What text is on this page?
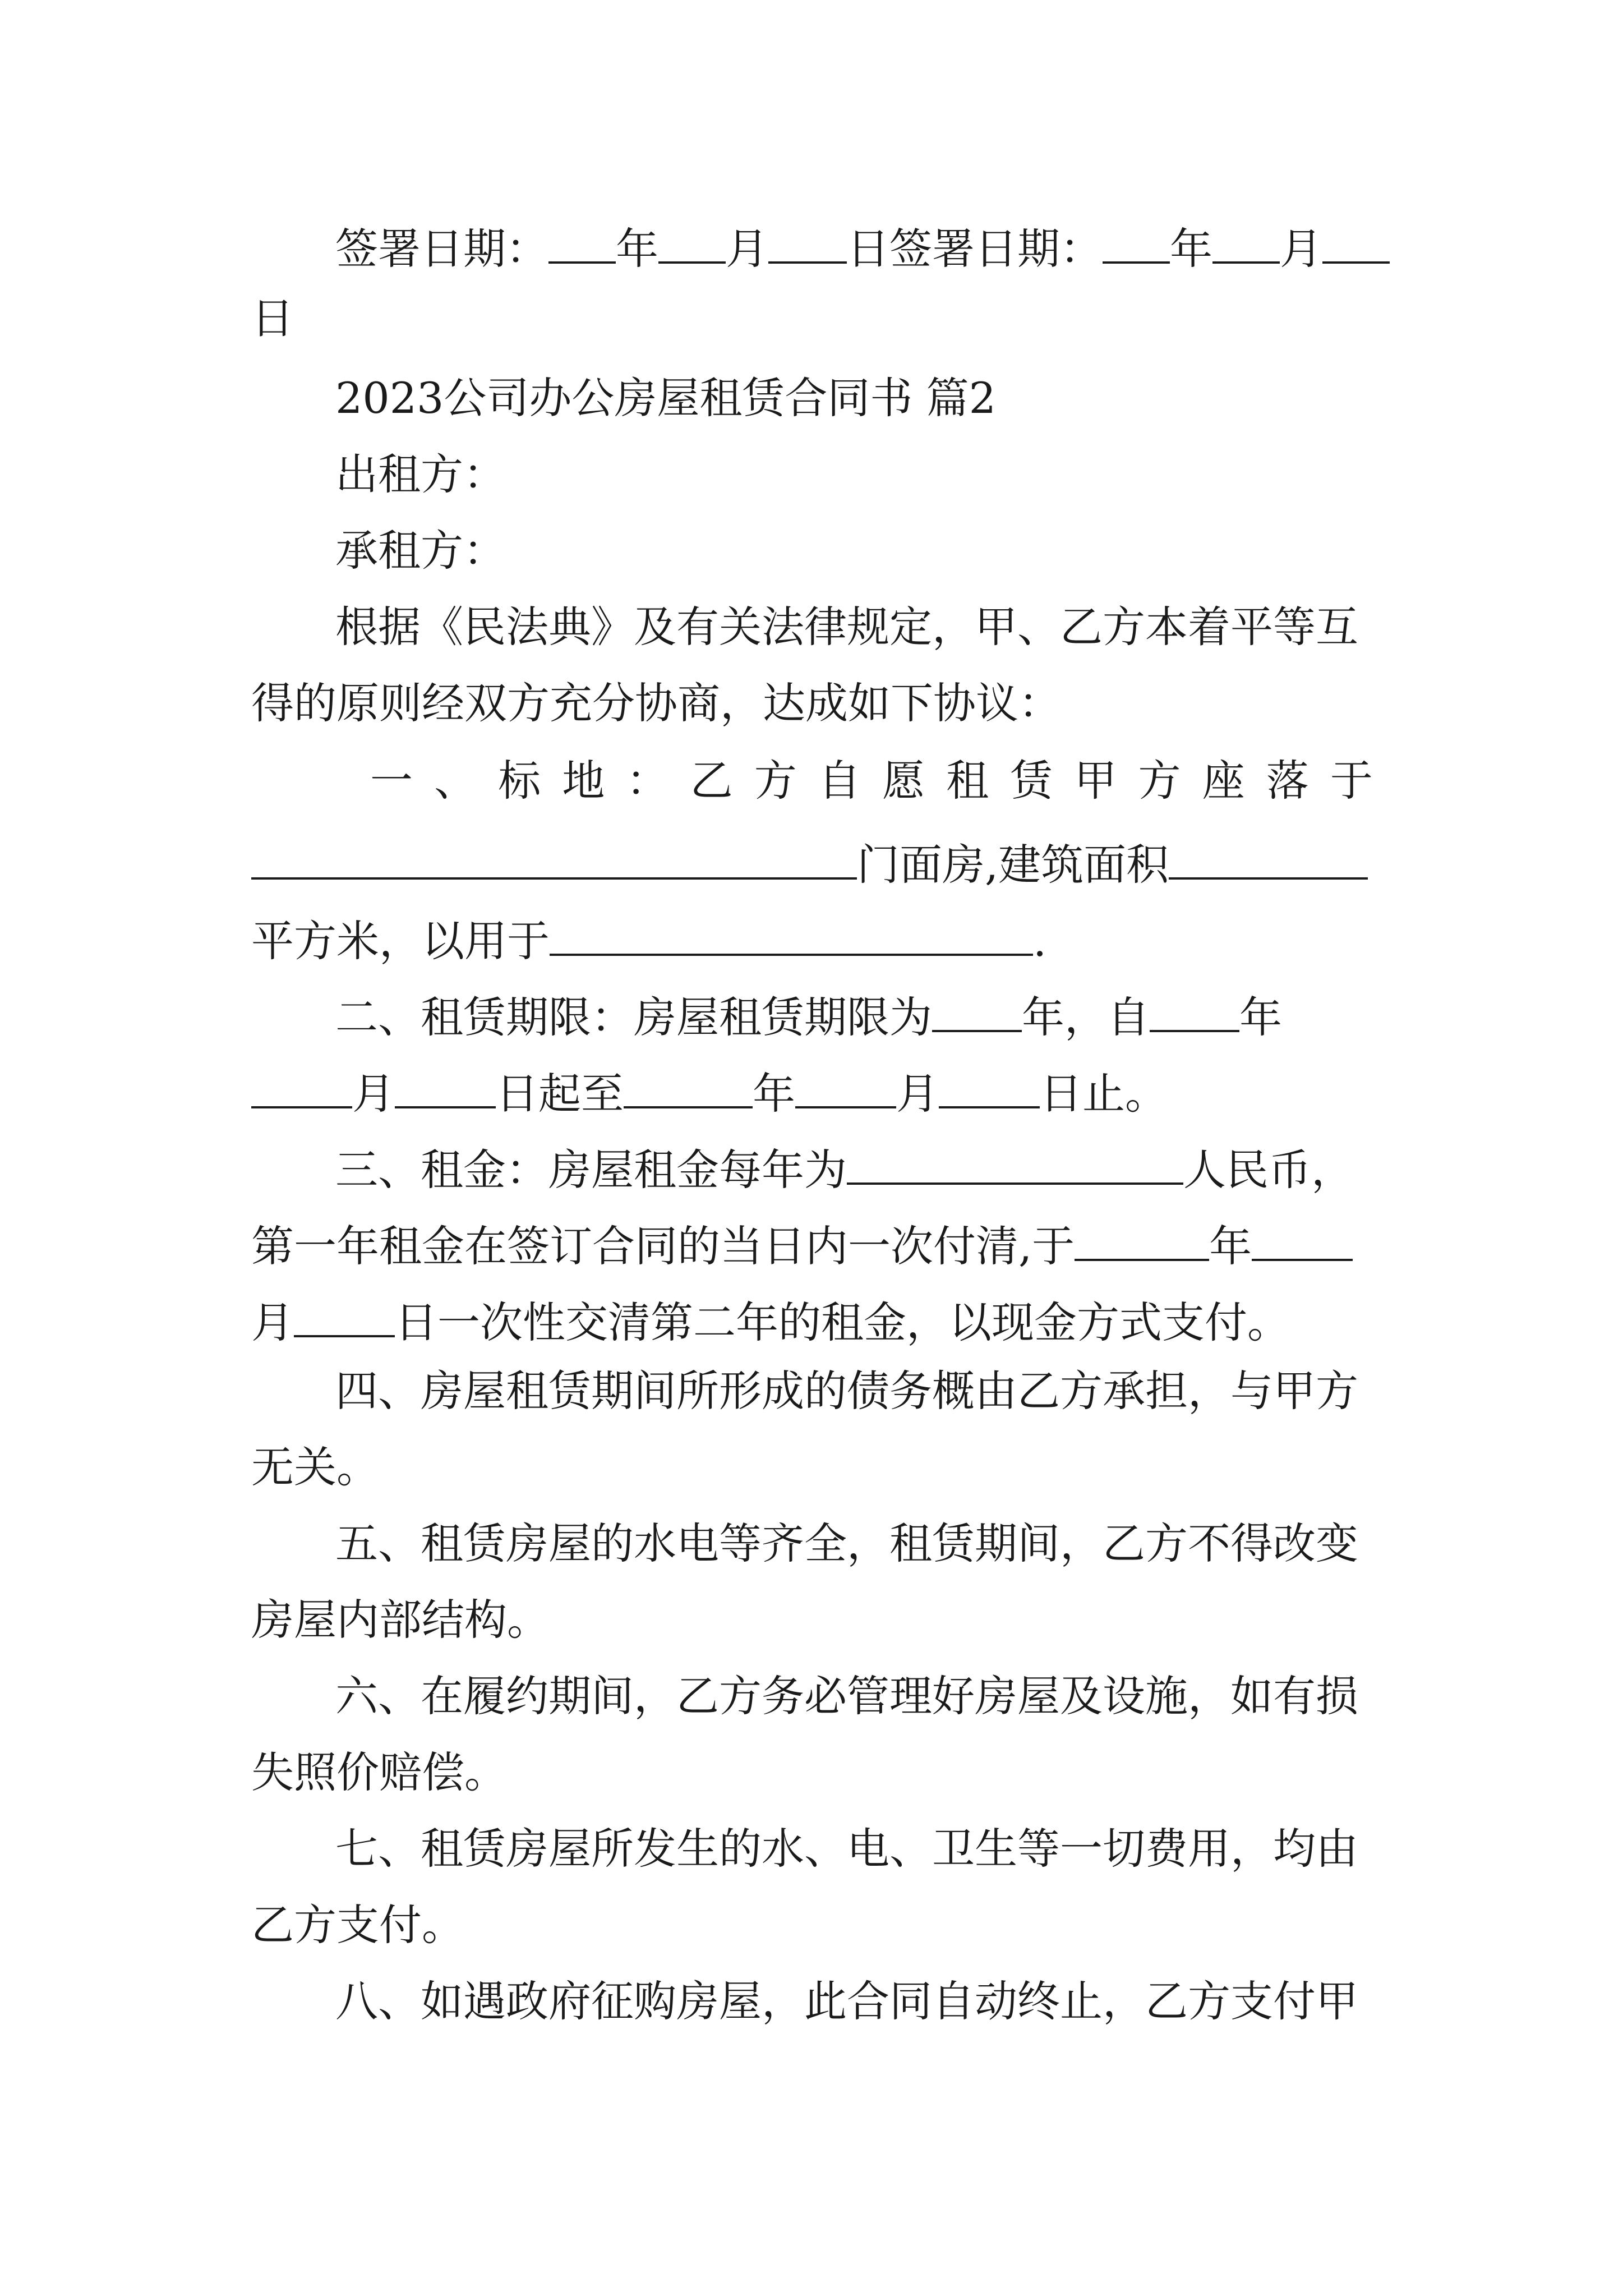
签署日期： 年 月 日签署日期： 年 月
日
2023公司办公房屋租赁合同书 篇2
出租方：
承租方：
根据《民法典》及有关法律规定，甲、乙方本着平等互
得的原则经双方充分协商，达成如下协议：
一 、 标 地 ： 乙 方 自 愿 租 赁 甲 方 座 落 于
门面房,建筑面积
平方米，以用于	.
二、租赁期限：房屋租赁期限为 年，自 年
月 日起至	年 月 日止。
三、租金：房屋租金每年为	人民币，
第一年租金在签订合同的当日内一次付清,于	年
月 日一次性交清第二年的租金，以现金方式支付。
四、房屋租赁期间所形成的债务概由乙方承担，与甲方
无关。
五、租赁房屋的水电等齐全，租赁期间，乙方不得改变
房屋内部结构。
六、在履约期间，乙方务必管理好房屋及设施，如有损
失照价赔偿。
七、租赁房屋所发生的水、电、卫生等一切费用，均由
乙方支付。
八、如遇政府征购房屋，此合同自动终止，乙方支付甲
